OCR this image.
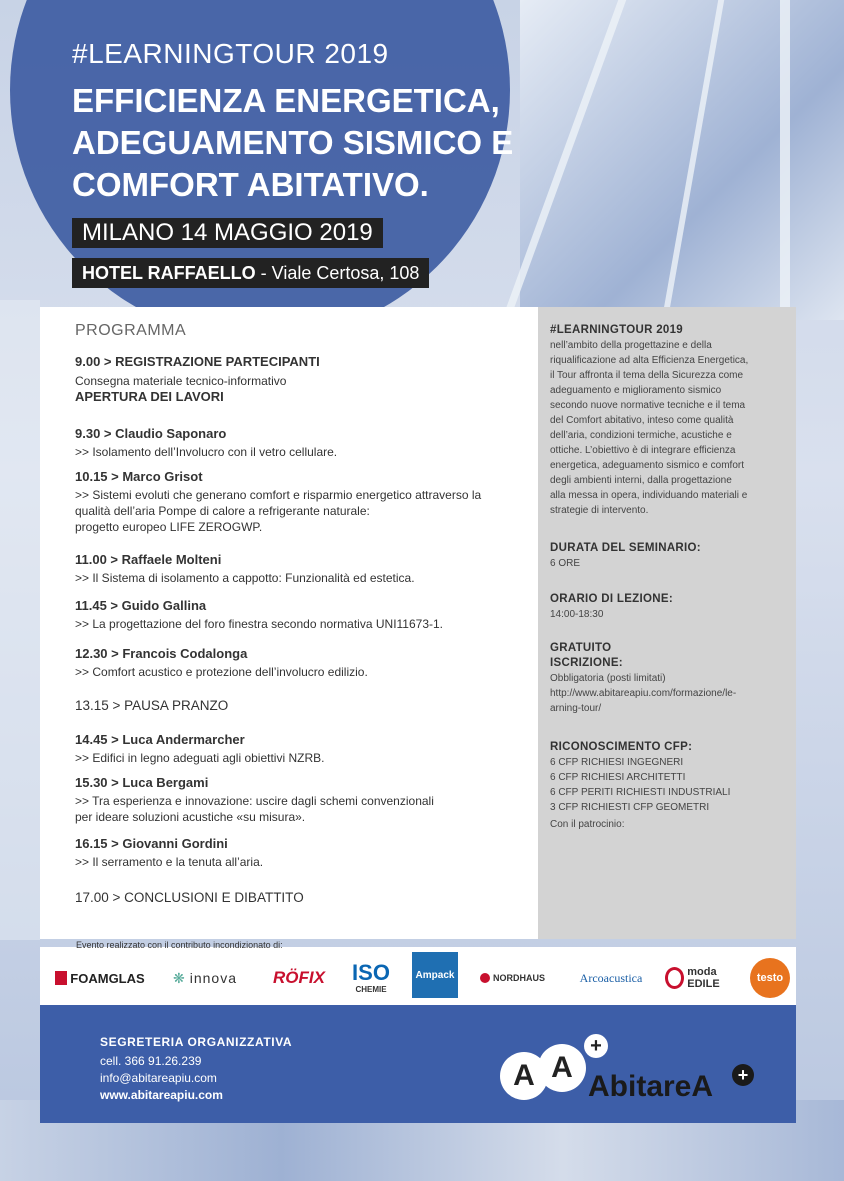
#LEARNINGTOUR 2019
EFFICIENZA ENERGETICA,
ADEGUAMENTO SISMICO E
COMFORT ABITATIVO.
MILANO 14 MAGGIO 2019
HOTEL RAFFAELLO - Viale Certosa, 108
PROGRAMMA
9.00 > REGISTRAZIONE PARTECIPANTI
Consegna materiale tecnico-informativo
APERTURA DEI LAVORI
9.30 > Claudio Saponaro
>> Isolamento dell’Involucro con il vetro cellulare.
10.15 > Marco Grisot
>> Sistemi evoluti che generano comfort e risparmio energetico attraverso la
qualità dell’aria Pompe di calore a refrigerante naturale:
progetto europeo LIFE ZEROGWP.
11.00 > Raffaele Molteni
>> Il Sistema di isolamento a cappotto: Funzionalità ed estetica.
11.45 > Guido Gallina
>> La progettazione del foro finestra secondo normativa UNI11673-1.
12.30 > Francois Codalonga
>> Comfort acustico e protezione dell’involucro edilizio.
13.15 > PAUSA PRANZO
14.45 > Luca Andermarcher
>> Edifici in legno adeguati agli obiettivi NZRB.
15.30 > Luca Bergami
>> Tra esperienza e innovazione: uscire dagli schemi convenzionali
per ideare soluzioni acustiche «su misura».
16.15 > Giovanni Gordini
>> Il serramento e la tenuta all’aria.
17.00 > CONCLUSIONI E DIBATTITO
#LEARNINGTOUR 2019
nell’ambito della progettazine e della
riqualificazione ad alta Efficienza Energetica,
il Tour affronta il tema della Sicurezza come
adeguamento e miglioramento sismico
secondo nuove normative tecniche e il tema
del Comfort abitativo, inteso come qualità
dell’aria, condizioni termiche, acustiche e
ottiche. L’obiettivo è di integrare efficienza
energetica, adeguamento sismico e comfort
degli ambienti interni, dalla progettazione
alla messa in opera, individuando materiali e
strategie di intervento.
DURATA DEL SEMINARIO:
6 ORE
ORARIO DI LEZIONE:
14:00-18:30
GRATUITO
ISCRIZIONE:
Obbligatoria (posti limitati)
http://www.abitareapiu.com/formazione/le-
arning-tour/
RICONOSCIMENTO CFP:
6 CFP RICHIESI INGEGNERI
6 CFP RICHIESI ARCHITETTI
6 CFP PERITI RICHIESTI INDUSTRIALI
3 CFP RICHIESTI CFP GEOMETRI
Con il patrocinio:
Evento realizzato con il contributo incondizionato di:
FOAMGLAS ❋ innova	RÖFIX	ISO
CHEMIE
Ampack	NORDHAUS	Arcoacustica	moda EDILE	testo
SEGRETERIA ORGANIZZATIVA
cell. 366 91.26.239
info@abitareapiu.com
www.abitareapiu.com
A A
+
AbitareA	+
